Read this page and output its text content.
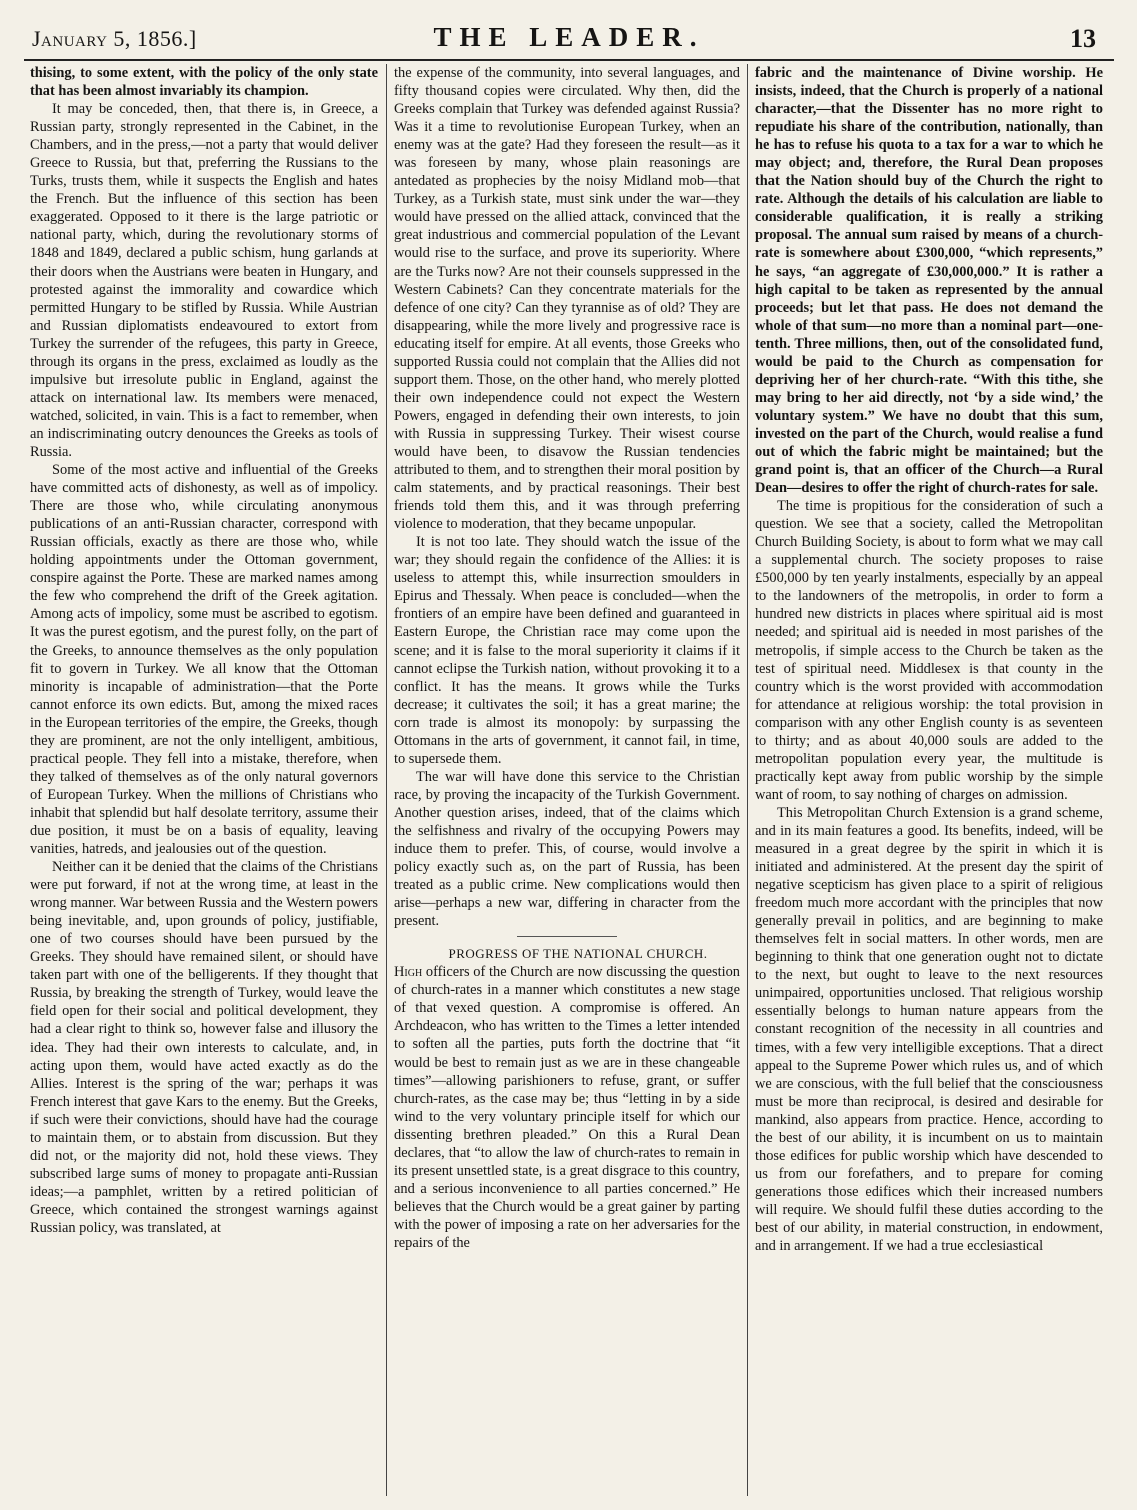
January 5, 1856.]	THE LEADER.	13

thising, to some extent, with the policy of the only state that has been almost invariably its champion.

It may be conceded, then, that there is, in Greece, a Russian party, strongly represented in the Cabinet, in the Chambers, and in the press,—not a party that would deliver Greece to Russia, but that, preferring the Russians to the Turks, trusts them, while it suspects the English and hates the French. But the influence of this section has been exaggerated. Opposed to it there is the large patriotic or national party, which, during the revolutionary storms of 1848 and 1849, declared a public schism, hung garlands at their doors when the Austrians were beaten in Hungary, and protested against the immorality and cowardice which permitted Hungary to be stifled by Russia. While Austrian and Russian diplomatists endeavoured to extort from Turkey the surrender of the refugees, this party in Greece, through its organs in the press, exclaimed as loudly as the impulsive but irresolute public in England, against the attack on international law. Its members were menaced, watched, solicited, in vain. This is a fact to remember, when an indiscriminating outcry denounces the Greeks as tools of Russia.

Some of the most active and influential of the Greeks have committed acts of dishonesty, as well as of impolicy. There are those who, while circulating anonymous publications of an anti-Russian character, correspond with Russian officials, exactly as there are those who, while holding appointments under the Ottoman government, conspire against the Porte. These are marked names among the few who comprehend the drift of the Greek agitation. Among acts of impolicy, some must be ascribed to egotism. It was the purest egotism, and the purest folly, on the part of the Greeks, to announce themselves as the only population fit to govern in Turkey. We all know that the Ottoman minority is incapable of administration—that the Porte cannot enforce its own edicts. But, among the mixed races in the European territories of the empire, the Greeks, though they are prominent, are not the only intelligent, ambitious, practical people. They fell into a mistake, therefore, when they talked of themselves as of the only natural governors of European Turkey. When the millions of Christians who inhabit that splendid but half desolate territory, assume their due position, it must be on a basis of equality, leaving vanities, hatreds, and jealousies out of the question.

Neither can it be denied that the claims of the Christians were put forward, if not at the wrong time, at least in the wrong manner. War between Russia and the Western powers being inevitable, and, upon grounds of policy, justifiable, one of two courses should have been pursued by the Greeks. They should have remained silent, or should have taken part with one of the belligerents. If they thought that Russia, by breaking the strength of Turkey, would leave the field open for their social and political development, they had a clear right to think so, however false and illusory the idea. They had their own interests to calculate, and, in acting upon them, would have acted exactly as do the Allies. Interest is the spring of the war; perhaps it was French interest that gave Kars to the enemy. But the Greeks, if such were their convictions, should have had the courage to maintain them, or to abstain from discussion. But they did not, or the majority did not, hold these views. They subscribed large sums of money to propagate anti-Russian ideas;—a pamphlet, written by a retired politician of Greece, which contained the strongest warnings against Russian policy, was translated, at

the expense of the community, into several languages, and fifty thousand copies were circulated. Why then, did the Greeks complain that Turkey was defended against Russia? Was it a time to revolutionise European Turkey, when an enemy was at the gate? Had they foreseen the result—as it was foreseen by many, whose plain reasonings are antedated as prophecies by the noisy Midland mob—that Turkey, as a Turkish state, must sink under the war—they would have pressed on the allied attack, convinced that the great industrious and commercial population of the Levant would rise to the surface, and prove its superiority. Where are the Turks now? Are not their counsels suppressed in the Western Cabinets? Can they concentrate materials for the defence of one city? Can they tyrannise as of old? They are disappearing, while the more lively and progressive race is educating itself for empire. At all events, those Greeks who supported Russia could not complain that the Allies did not support them. Those, on the other hand, who merely plotted their own independence could not expect the Western Powers, engaged in defending their own interests, to join with Russia in suppressing Turkey. Their wisest course would have been, to disavow the Russian tendencies attributed to them, and to strengthen their moral position by calm statements, and by practical reasonings. Their best friends told them this, and it was through preferring violence to moderation, that they became unpopular.

It is not too late. They should watch the issue of the war; they should regain the confidence of the Allies: it is useless to attempt this, while insurrection smoulders in Epirus and Thessaly. When peace is concluded—when the frontiers of an empire have been defined and guaranteed in Eastern Europe, the Christian race may come upon the scene; and it is false to the moral superiority it claims if it cannot eclipse the Turkish nation, without provoking it to a conflict. It has the means. It grows while the Turks decrease; it cultivates the soil; it has a great marine; the corn trade is almost its monopoly: by surpassing the Ottomans in the arts of government, it cannot fail, in time, to supersede them.

The war will have done this service to the Christian race, by proving the incapacity of the Turkish Government. Another question arises, indeed, that of the claims which the selfishness and rivalry of the occupying Powers may induce them to prefer. This, of course, would involve a policy exactly such as, on the part of Russia, has been treated as a public crime. New complications would then arise—perhaps a new war, differing in character from the present.

PROGRESS OF THE NATIONAL CHURCH.

High officers of the Church are now discussing the question of church-rates in a manner which constitutes a new stage of that vexed question. A compromise is offered. An Archdeacon, who has written to the Times a letter intended to soften all the parties, puts forth the doctrine that “it would be best to remain just as we are in these changeable times”—allowing parishioners to refuse, grant, or suffer church-rates, as the case may be; thus “letting in by a side wind to the very voluntary principle itself for which our dissenting brethren pleaded.” On this a Rural Dean declares, that “to allow the law of church-rates to remain in its present unsettled state, is a great disgrace to this country, and a serious inconvenience to all parties concerned.” He believes that the Church would be a great gainer by parting with the power of imposing a rate on her adversaries for the repairs of the

fabric and the maintenance of Divine worship. He insists, indeed, that the Church is properly of a national character,—that the Dissenter has no more right to repudiate his share of the contribution, nationally, than he has to refuse his quota to a tax for a war to which he may object; and, therefore, the Rural Dean proposes that the Nation should buy of the Church the right to rate. Although the details of his calculation are liable to considerable qualification, it is really a striking proposal. The annual sum raised by means of a church-rate is somewhere about £300,000, “which represents,” he says, “an aggregate of £30,000,000.” It is rather a high capital to be taken as represented by the annual proceeds; but let that pass. He does not demand the whole of that sum—no more than a nominal part—one-tenth. Three millions, then, out of the consolidated fund, would be paid to the Church as compensation for depriving her of her church-rate. “With this tithe, she may bring to her aid directly, not ‘by a side wind,’ the voluntary system.” We have no doubt that this sum, invested on the part of the Church, would realise a fund out of which the fabric might be maintained; but the grand point is, that an officer of the Church—a Rural Dean—desires to offer the right of church-rates for sale.

The time is propitious for the consideration of such a question. We see that a society, called the Metropolitan Church Building Society, is about to form what we may call a supplemental church. The society proposes to raise £500,000 by ten yearly instalments, especially by an appeal to the landowners of the metropolis, in order to form a hundred new districts in places where spiritual aid is most needed; and spiritual aid is needed in most parishes of the metropolis, if simple access to the Church be taken as the test of spiritual need. Middlesex is that county in the country which is the worst provided with accommodation for attendance at religious worship: the total provision in comparison with any other English county is as seventeen to thirty; and as about 40,000 souls are added to the metropolitan population every year, the multitude is practically kept away from public worship by the simple want of room, to say nothing of charges on admission.

This Metropolitan Church Extension is a grand scheme, and in its main features a good. Its benefits, indeed, will be measured in a great degree by the spirit in which it is initiated and administered. At the present day the spirit of negative scepticism has given place to a spirit of religious freedom much more accordant with the principles that now generally prevail in politics, and are beginning to make themselves felt in social matters. In other words, men are beginning to think that one generation ought not to dictate to the next, but ought to leave to the next resources unimpaired, opportunities unclosed. That religious worship essentially belongs to human nature appears from the constant recognition of the necessity in all countries and times, with a few very intelligible exceptions. That a direct appeal to the Supreme Power which rules us, and of which we are conscious, with the full belief that the consciousness must be more than reciprocal, is desired and desirable for mankind, also appears from practice. Hence, according to the best of our ability, it is incumbent on us to maintain those edifices for public worship which have descended to us from our forefathers, and to prepare for coming generations those edifices which their increased numbers will require. We should fulfil these duties according to the best of our ability, in material construction, in endowment, and in arrangement. If we had a true ecclesiastical
